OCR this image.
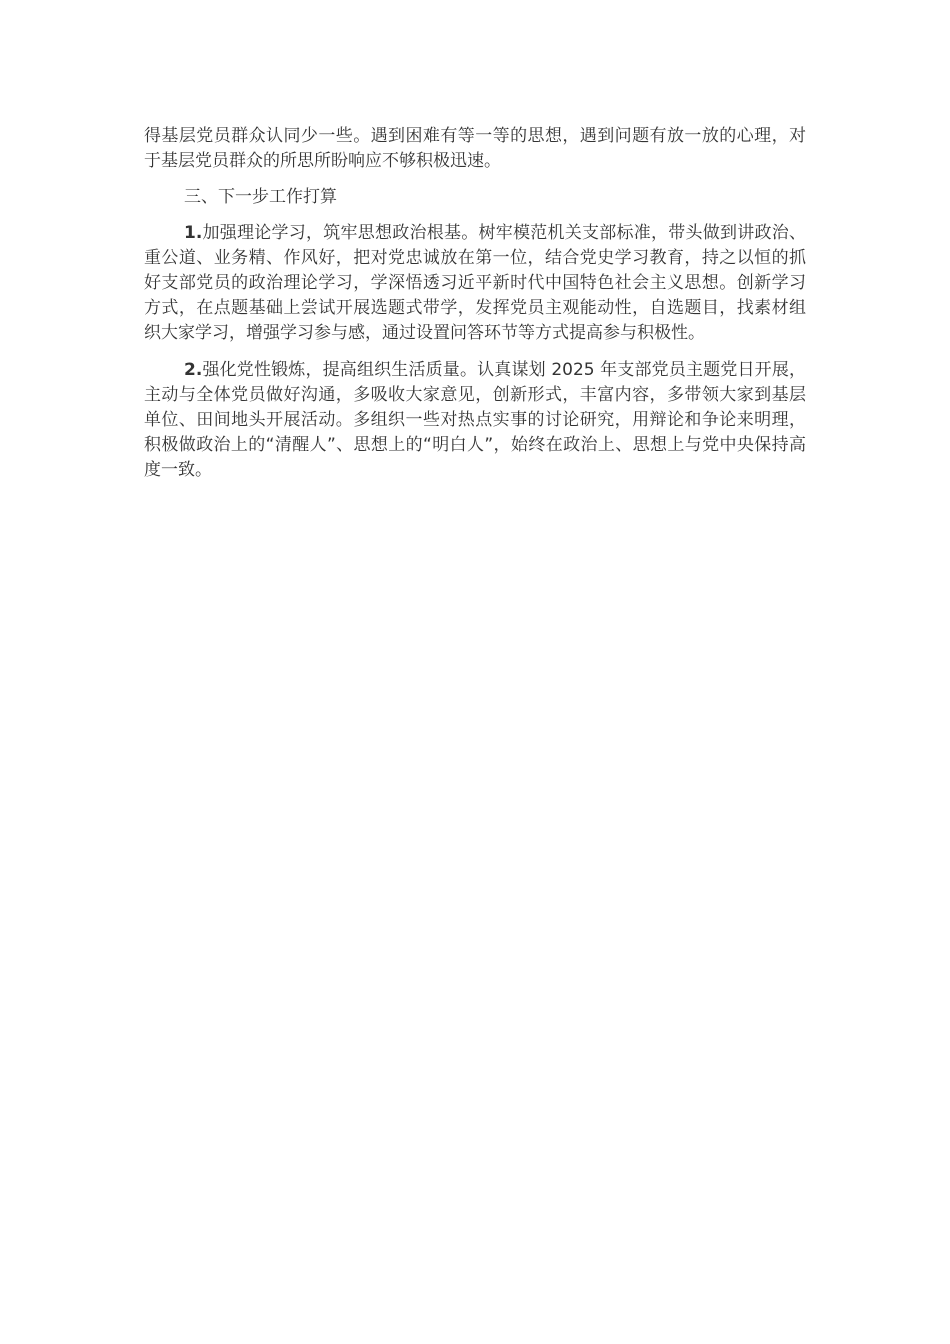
得基层党员群众认同少一些。遇到困难有等一等的思想，遇到问题有放一放的心理，对于基层党员群众的所思所盼响应不够积极迅速。

三、下一步工作打算

1.加强理论学习，筑牢思想政治根基。树牢模范机关支部标准，带头做到讲政治、重公道、业务精、作风好，把对党忠诚放在第一位，结合党史学习教育，持之以恒的抓好支部党员的政治理论学习，学深悟透习近平新时代中国特色社会主义思想。创新学习方式，在点题基础上尝试开展选题式带学，发挥党员主观能动性，自选题目，找素材组织大家学习，增强学习参与感，通过设置问答环节等方式提高参与积极性。

2.强化党性锻炼，提高组织生活质量。认真谋划 2025 年支部党员主题党日开展，主动与全体党员做好沟通，多吸收大家意见，创新形式，丰富内容，多带领大家到基层单位、田间地头开展活动。多组织一些对热点实事的讨论研究，用辩论和争论来明理，积极做政治上的“清醒人”、思想上的“明白人”，始终在政治上、思想上与党中央保持高度一致。
